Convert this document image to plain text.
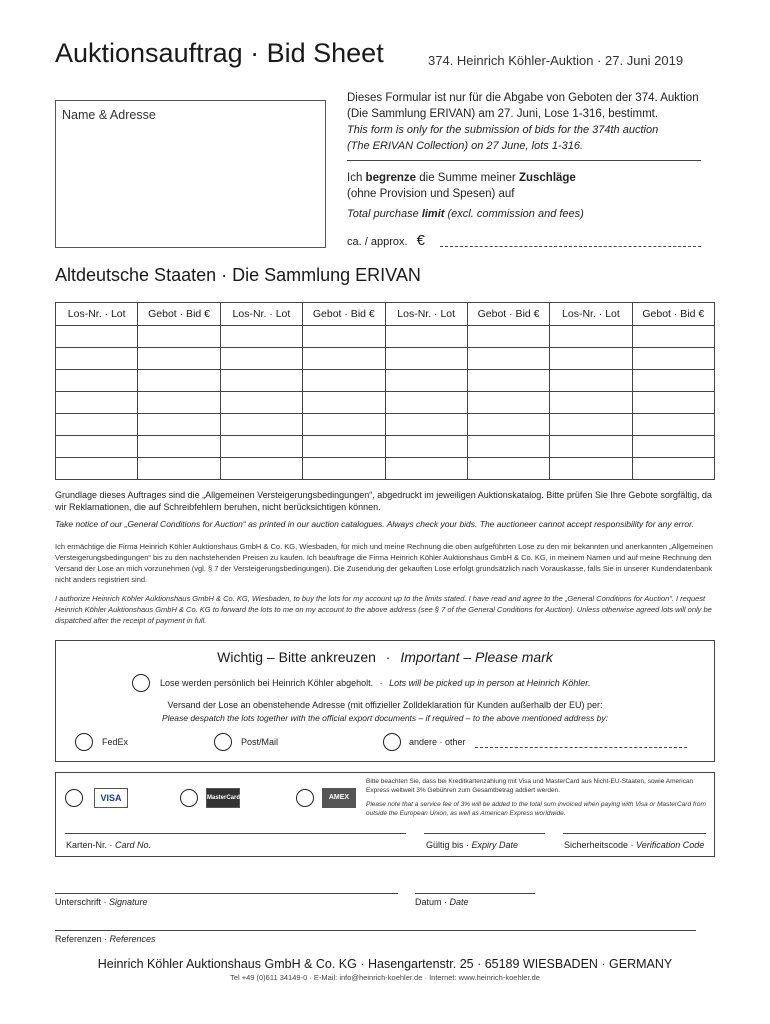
Auktionsauftrag · Bid Sheet	374. Heinrich Köhler-Auktion · 27. Juni 2019
Name & Adresse
Dieses Formular ist nur für die Abgabe von Geboten der 374. Auktion
(Die Sammlung ERIVAN) am 27. Juni, Lose 1-316, bestimmt.
This form is only for the submission of bids for the 374th auction
(The ERIVAN Collection) on 27 June, lots 1-316.
Ich begrenze die Summe meiner Zuschläge
(ohne Provision und Spesen) auf
Total purchase limit (excl. commission and fees)
ca. / approx. €
Altdeutsche Staaten · Die Sammlung ERIVAN
Los-Nr. · Lot	Gebot · Bid €	Los-Nr. · Lot	Gebot · Bid €	Los-Nr. · Lot	Gebot · Bid €	Los-Nr. · Lot	Gebot · Bid €

Grundlage dieses Auftrages sind die „Allgemeinen Versteigerungsbedingungen“, abgedruckt im jeweiligen Auktionskatalog. Bitte prüfen Sie Ihre Gebote sorgfältig, da wir Reklamationen, die auf Schreibfehlern beruhen, nicht berücksichtigen können.
Take notice of our „General Conditions for Auction“ as printed in our auction catalogues. Always check your bids. The auctioneer cannot accept responsibility for any error.
Ich ermächtige die Firma Heinrich Köhler Auktionshaus GmbH & Co. KG, Wiesbaden, für mich und meine Rechnung die oben aufgeführten Lose zu den mir bekannten und anerkannten „Allgemeinen Versteigerungsbedingungen“ bis zu den nachstehenden Preisen zu kaufen. Ich beauftrage die Firma Heinrich Köhler Auktionshaus GmbH & Co. KG, in meinem Namen und auf meine Rechnung den Versand der Lose an mich vorzunehmen (vgl. § 7 der Versteigerungsbedingungen). Die Zusendung der gekauften Lose erfolgt grundsätzlich nach Vorauskasse, falls Sie in unserer Kundendatenbank nicht anders registriert sind.
I authorize Heinrich Köhler Auktionshaus GmbH & Co. KG, Wiesbaden, to buy the lots for my account up to the limits stated. I have read and agree to the „General Conditions for Auction“. I request Heinrich Köhler Auktionshaus GmbH & Co. KG to forward the lots to me on my account to the above address (see § 7 of the General Conditions for Auction). Unless otherwise agreed lots will only be dispatched after the receipt of payment in full.
Wichtig – Bitte ankreuzen · Important – Please mark
Lose werden persönlich bei Heinrich Köhler abgeholt. · Lots will be picked up in person at Heinrich Köhler.
Versand der Lose an obenstehende Adresse (mit offizieller Zolldeklaration für Kunden außerhalb der EU) per:
Please despatch the lots together with the official export documents – if required – to the above mentioned address by:
FedEx	Post/Mail	andere · other
VISA	MasterCard	AMEX
Bitte beachten Sie, dass bei Kreditkartenzahlung mit Visa und MasterCard aus Nicht-EU-Staaten, sowie American Express weltweit 3% Gebühren zum Gesamtbetrag addiert werden.
Please note that a service fee of 3% will be added to the total sum invoiced when paying with Visa or MasterCard from outside the European Union, as well as American Express worldwide.
Karten-Nr. · Card No.	Gültig bis · Expiry Date	Sicherheitscode · Verification Code
Unterschrift · Signature	Datum · Date
Referenzen · References
Heinrich Köhler Auktionshaus GmbH & Co. KG · Hasengartenstr. 25 · 65189 WIESBADEN · GERMANY
Tel +49 (0)611 34149-0 · E-Mail: info@heinrich-koehler.de · Internet: www.heinrich-koehler.de
